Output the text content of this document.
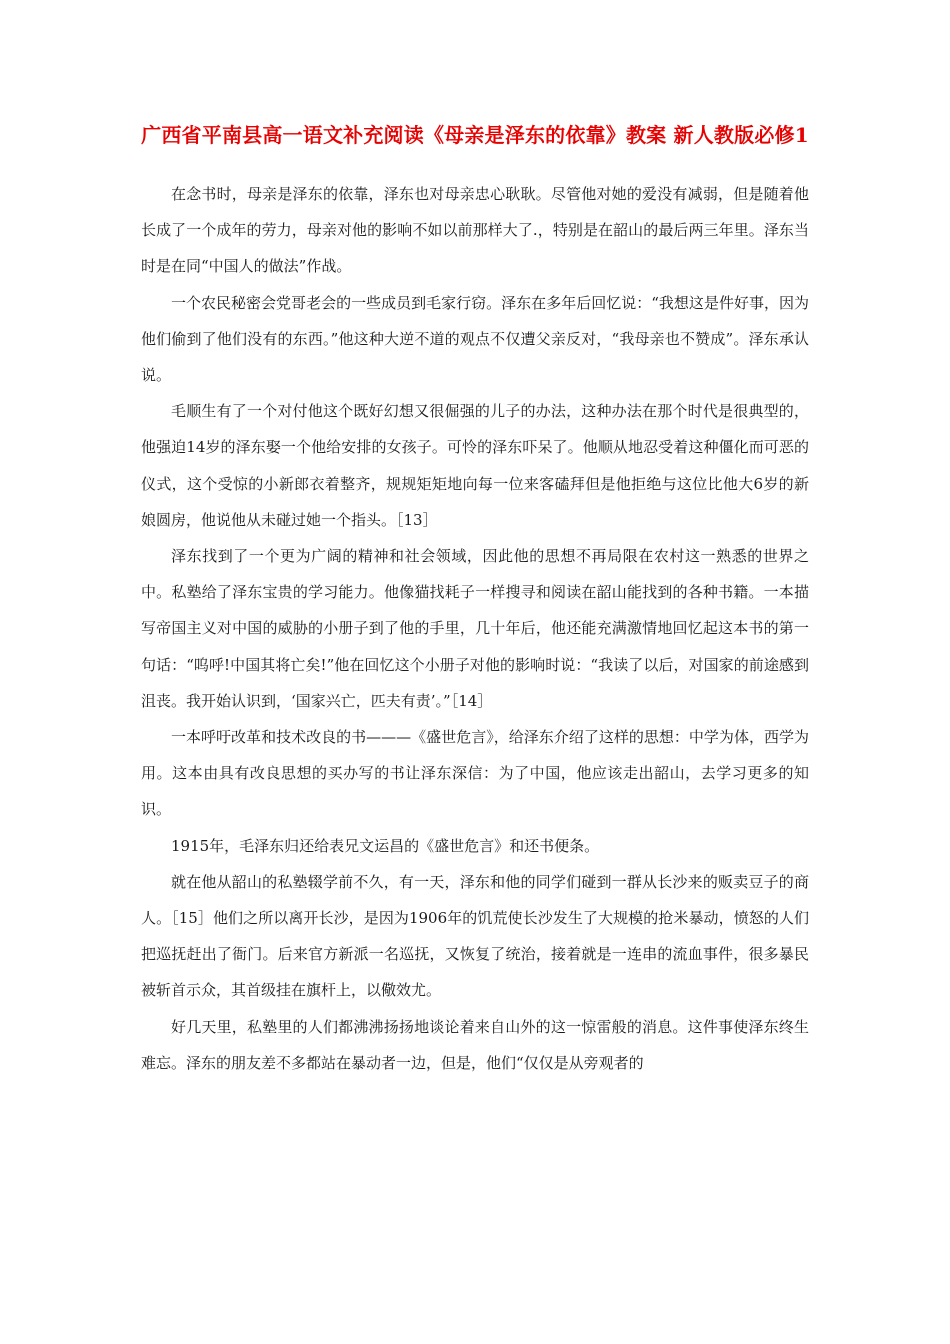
广西省平南县高一语文补充阅读《母亲是泽东的依靠》教案 新人教版必修1

在念书时，母亲是泽东的依靠，泽东也对母亲忠心耿耿。尽管他对她的爱没有减弱，但是随着他长成了一个成年的劳力，母亲对他的影响不如以前那样大了.，特别是在韶山的最后两三年里。泽东当时是在同“中国人的做法”作战。

一个农民秘密会党哥老会的一些成员到毛家行窃。泽东在多年后回忆说：“我想这是件好事，因为他们偷到了他们没有的东西。”他这种大逆不道的观点不仅遭父亲反对，“我母亲也不赞成”。泽东承认说。

毛顺生有了一个对付他这个既好幻想又很倔强的儿子的办法，这种办法在那个时代是很典型的，他强迫14岁的泽东娶一个他给安排的女孩子。可怜的泽东吓呆了。他顺从地忍受着这种僵化而可恶的仪式，这个受惊的小新郎衣着整齐，规规矩矩地向每一位来客磕拜但是他拒绝与这位比他大6岁的新娘圆房，他说他从未碰过她一个指头。［13］

泽东找到了一个更为广阔的精神和社会领域，因此他的思想不再局限在农村这一熟悉的世界之中。私塾给了泽东宝贵的学习能力。他像猫找耗子一样搜寻和阅读在韶山能找到的各种书籍。一本描写帝国主义对中国的威胁的小册子到了他的手里，几十年后，他还能充满激情地回忆起这本书的第一句话：“呜呼!中国其将亡矣!”他在回忆这个小册子对他的影响时说：“我读了以后，对国家的前途感到沮丧。我开始认识到，‘国家兴亡，匹夫有责’。”［14］

一本呼吁改革和技术改良的书———《盛世危言》，给泽东介绍了这样的思想：中学为体，西学为用。这本由具有改良思想的买办写的书让泽东深信：为了中国，他应该走出韶山，去学习更多的知识。

1915年，毛泽东归还给表兄文运昌的《盛世危言》和还书便条。

就在他从韶山的私塾辍学前不久，有一天，泽东和他的同学们碰到一群从长沙来的贩卖豆子的商人。［15］他们之所以离开长沙，是因为1906年的饥荒使长沙发生了大规模的抢米暴动，愤怒的人们把巡抚赶出了衙门。后来官方新派一名巡抚，又恢复了统治，接着就是一连串的流血事件，很多暴民被斩首示众，其首级挂在旗杆上，以儆效尤。

好几天里，私塾里的人们都沸沸扬扬地谈论着来自山外的这一惊雷般的消息。这件事使泽东终生难忘。泽东的朋友差不多都站在暴动者一边，但是，他们“仅仅是从旁观者的
